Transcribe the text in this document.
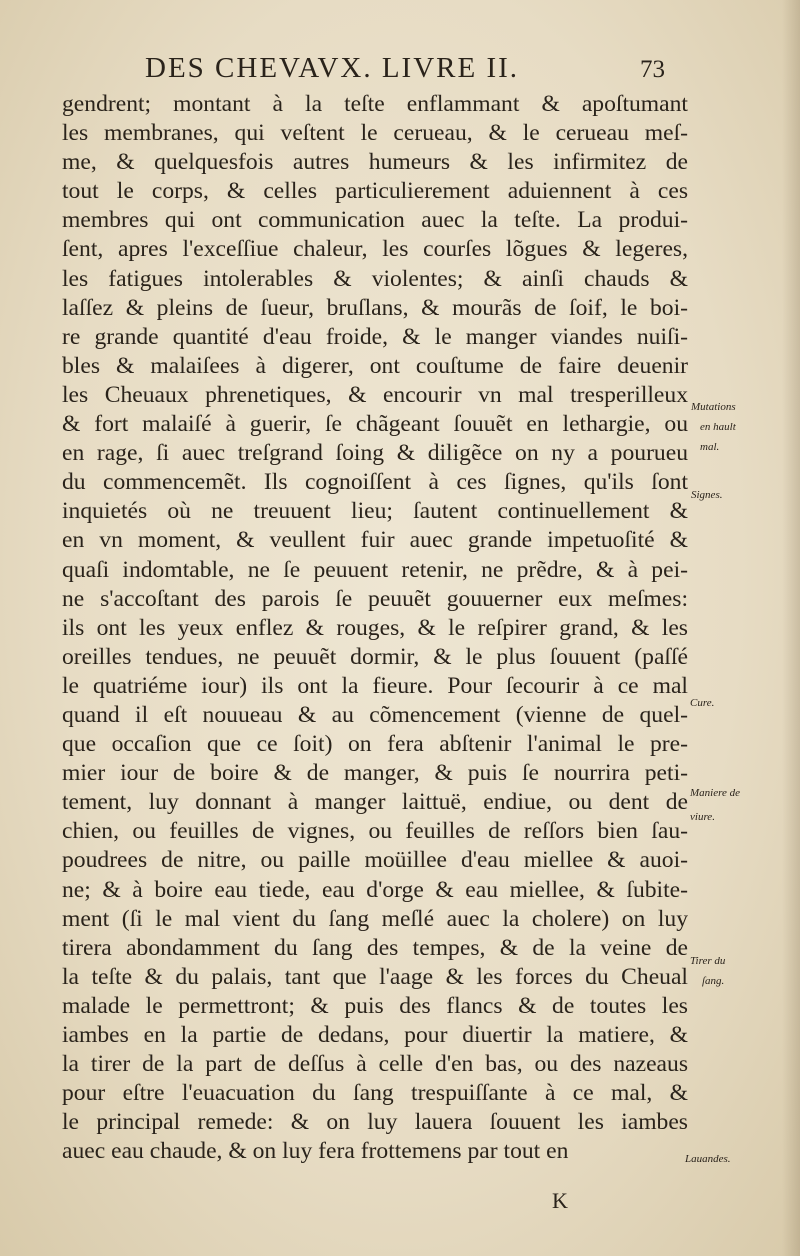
DES CHEVAVX. LIVRE II.	73
gendrent; montant à la teſte enflammant & apoſtumant
les membranes, qui veſtent le cerueau, & le cerueau meſ-
me, & quelquesfois autres humeurs & les infirmitez de
tout le corps, & celles particulierement aduiennent à ces
membres qui ont communication auec la teſte. La produi-
ſent, apres l'exceſſiue chaleur, les courſes lõgues & legeres,
les fatigues intolerables & violentes; & ainſi chauds &
laſſez & pleins de ſueur, bruſlans, & mourãs de ſoif, le boi-
re grande quantité d'eau froide, & le manger viandes nuiſi-
bles & malaiſees à digerer, ont couſtume de faire deuenir
les Cheuaux phrenetiques, & encourir vn mal tresperilleux
& fort malaiſé à guerir, ſe chãgeant ſouuẽt en lethargie, ou
en rage, ſi auec treſgrand ſoing & diligẽce on ny a pourueu
du commencemẽt. Ils cognoiſſent à ces ſignes, qu'ils ſont
inquietés où ne treuuent lieu; ſautent continuellement &
en vn moment, & veullent fuir auec grande impetuoſité &
quaſi indomtable, ne ſe peuuent retenir, ne prẽdre, & à pei-
ne s'accoſtant des parois ſe peuuẽt gouuerner eux meſmes:
ils ont les yeux enflez & rouges, & le reſpirer grand, & les
oreilles tendues, ne peuuẽt dormir, & le plus ſouuent (paſſé
le quatriéme iour) ils ont la fieure. Pour ſecourir à ce mal
quand il eſt nouueau & au cõmencement (vienne de quel-
que occaſion que ce ſoit) on fera abſtenir l'animal le pre-
mier iour de boire & de manger, & puis ſe nourrira peti-
tement, luy donnant à manger laittuë, endiue, ou dent de
chien, ou feuilles de vignes, ou feuilles de reſſors bien ſau-
poudrees de nitre, ou paille moüillee d'eau miellee & auoi-
ne; & à boire eau tiede, eau d'orge & eau miellee, & ſubite-
ment (ſi le mal vient du ſang meſlé auec la cholere) on luy
tirera abondamment du ſang des tempes, & de la veine de
la teſte & du palais, tant que l'aage & les forces du Cheual
malade le permettront; & puis des flancs & de toutes les
iambes en la partie de dedans, pour diuertir la matiere, &
la tirer de la part de deſſus à celle d'en bas, ou des nazeaus
pour eſtre l'euacuation du ſang trespuiſſante à ce mal, &
le principal remede: & on luy lauera ſouuent les iambes
auec eau chaude, & on luy fera frottemens par tout en
Mutations
en hault
mal.
Signes.
Cure.
Maniere de
viure.
Tirer du
ſang.
Lauandes.
K
